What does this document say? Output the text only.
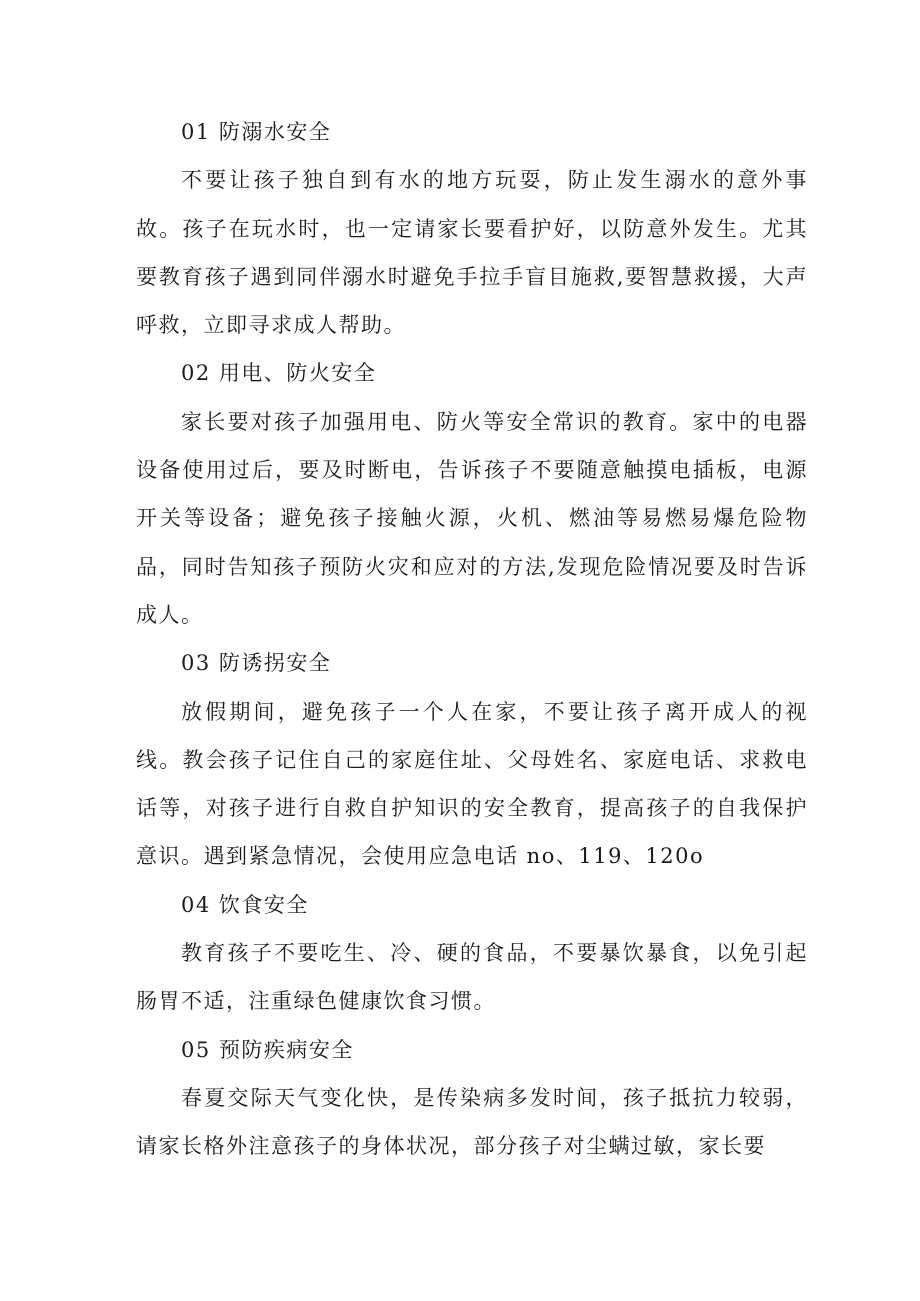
01 防溺水安全

不要让孩子独自到有水的地方玩耍，防止发生溺水的意外事故。孩子在玩水时，也一定请家长要看护好，以防意外发生。尤其要教育孩子遇到同伴溺水时避免手拉手盲目施救,要智慧救援，大声呼救，立即寻求成人帮助。

02 用电、防火安全

家长要对孩子加强用电、防火等安全常识的教育。家中的电器设备使用过后，要及时断电，告诉孩子不要随意触摸电插板，电源开关等设备；避免孩子接触火源，火机、燃油等易燃易爆危险物品，同时告知孩子预防火灾和应对的方法,发现危险情况要及时告诉成人。

03 防诱拐安全

放假期间，避免孩子一个人在家，不要让孩子离开成人的视线。教会孩子记住自己的家庭住址、父母姓名、家庭电话、求救电话等，对孩子进行自救自护知识的安全教育，提高孩子的自我保护意识。遇到紧急情况，会使用应急电话 no、119、120o

04 饮食安全

教育孩子不要吃生、冷、硬的食品，不要暴饮暴食，以免引起肠胃不适，注重绿色健康饮食习惯。

05 预防疾病安全

春夏交际天气变化快，是传染病多发时间，孩子抵抗力较弱，请家长格外注意孩子的身体状况，部分孩子对尘螨过敏，家长要
